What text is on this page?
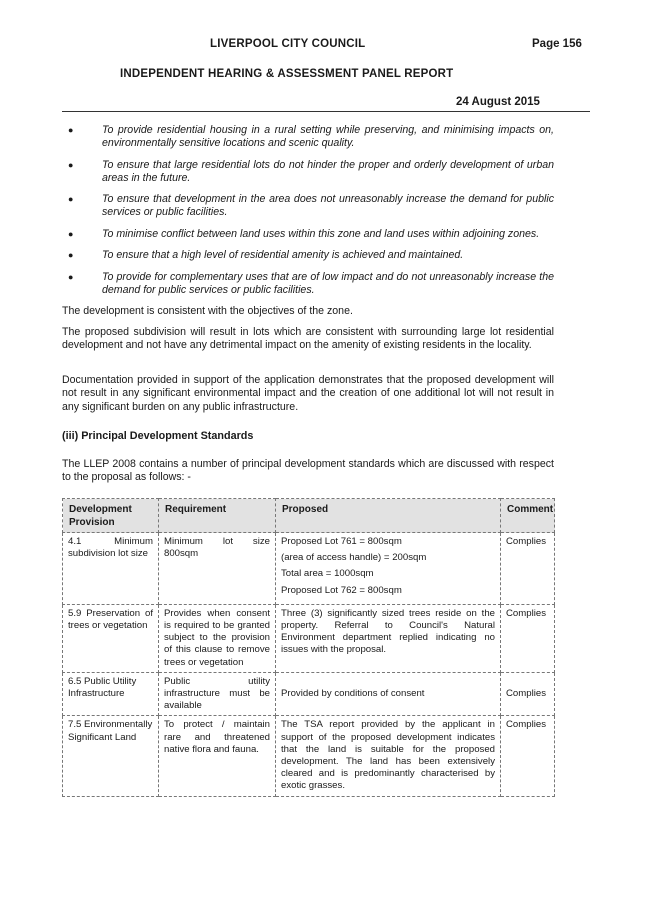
LIVERPOOL CITY COUNCIL	Page 156
INDEPENDENT HEARING & ASSESSMENT PANEL REPORT
24 August 2015
●	To provide residential housing in a rural setting while preserving, and minimising impacts on, environmentally sensitive locations and scenic quality.
●	To ensure that large residential lots do not hinder the proper and orderly development of urban areas in the future.
●	To ensure that development in the area does not unreasonably increase the demand for public services or public facilities.
●	To minimise conflict between land uses within this zone and land uses within adjoining zones.
●	To ensure that a high level of residential amenity is achieved and maintained.
●	To provide for complementary uses that are of low impact and do not unreasonably increase the demand for public services or public facilities.
The development is consistent with the objectives of the zone.
The proposed subdivision will result in lots which are consistent with surrounding large lot residential development and not have any detrimental impact on the amenity of existing residents in the locality.
Documentation provided in support of the application demonstrates that the proposed development will not result in any significant environmental impact and the creation of one additional lot will not result in any significant burden on any public infrastructure.
(iii) Principal Development Standards
The LLEP 2008 contains a number of principal development standards which are discussed with respect to the proposal as follows: -
Development Provision	Requirement	Proposed	Comment
4.1 Minimum subdivision lot size	Minimum lot size 800sqm	Proposed Lot 761 = 800sqm
(area of access handle) = 200sqm
Total area = 1000sqm
Proposed Lot 762 = 800sqm	Complies
5.9 Preservation of trees or vegetation	Provides when consent is required to be granted subject to the provision of this clause to remove trees or vegetation	Three (3) significantly sized trees reside on the property. Referral to Council's Natural Environment department replied indicating no issues with the proposal.	Complies
6.5 Public Utility Infrastructure	Public utility infrastructure must be available	Provided by conditions of consent	Complies
7.5 Environmentally Significant Land	To protect / maintain rare and threatened native flora and fauna.	The TSA report provided by the applicant in support of the proposed development indicates that the land is suitable for the proposed development. The land has been extensively cleared and is predominantly characterised by exotic grasses.	Complies
